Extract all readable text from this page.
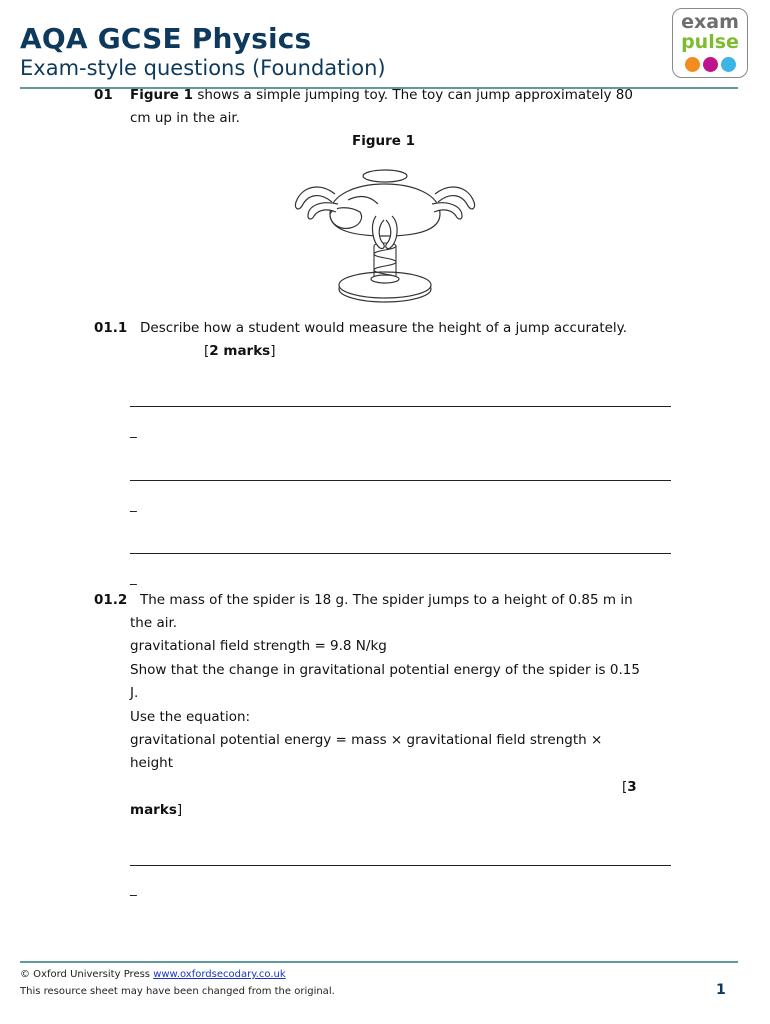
AQA GCSE Physics
Exam-style questions (Foundation)
exam
pulse

01 Figure 1 shows a simple jumping toy. The toy can jump approximately 80
cm up in the air.
Figure 1
01.1 Describe how a student would measure the height of a jump accurately.
[2 marks]
_
_
_
01.2 The mass of the spider is 18 g. The spider jumps to a height of 0.85 m in
the air.
gravitational field strength = 9.8 N/kg
Show that the change in gravitational potential energy of the spider is 0.15
J.
Use the equation:
gravitational potential energy = mass × gravitational field strength ×
height
[3
marks]
_
© Oxford University Press www.oxfordsecodary.co.uk
This resource sheet may have been changed from the original.	1
